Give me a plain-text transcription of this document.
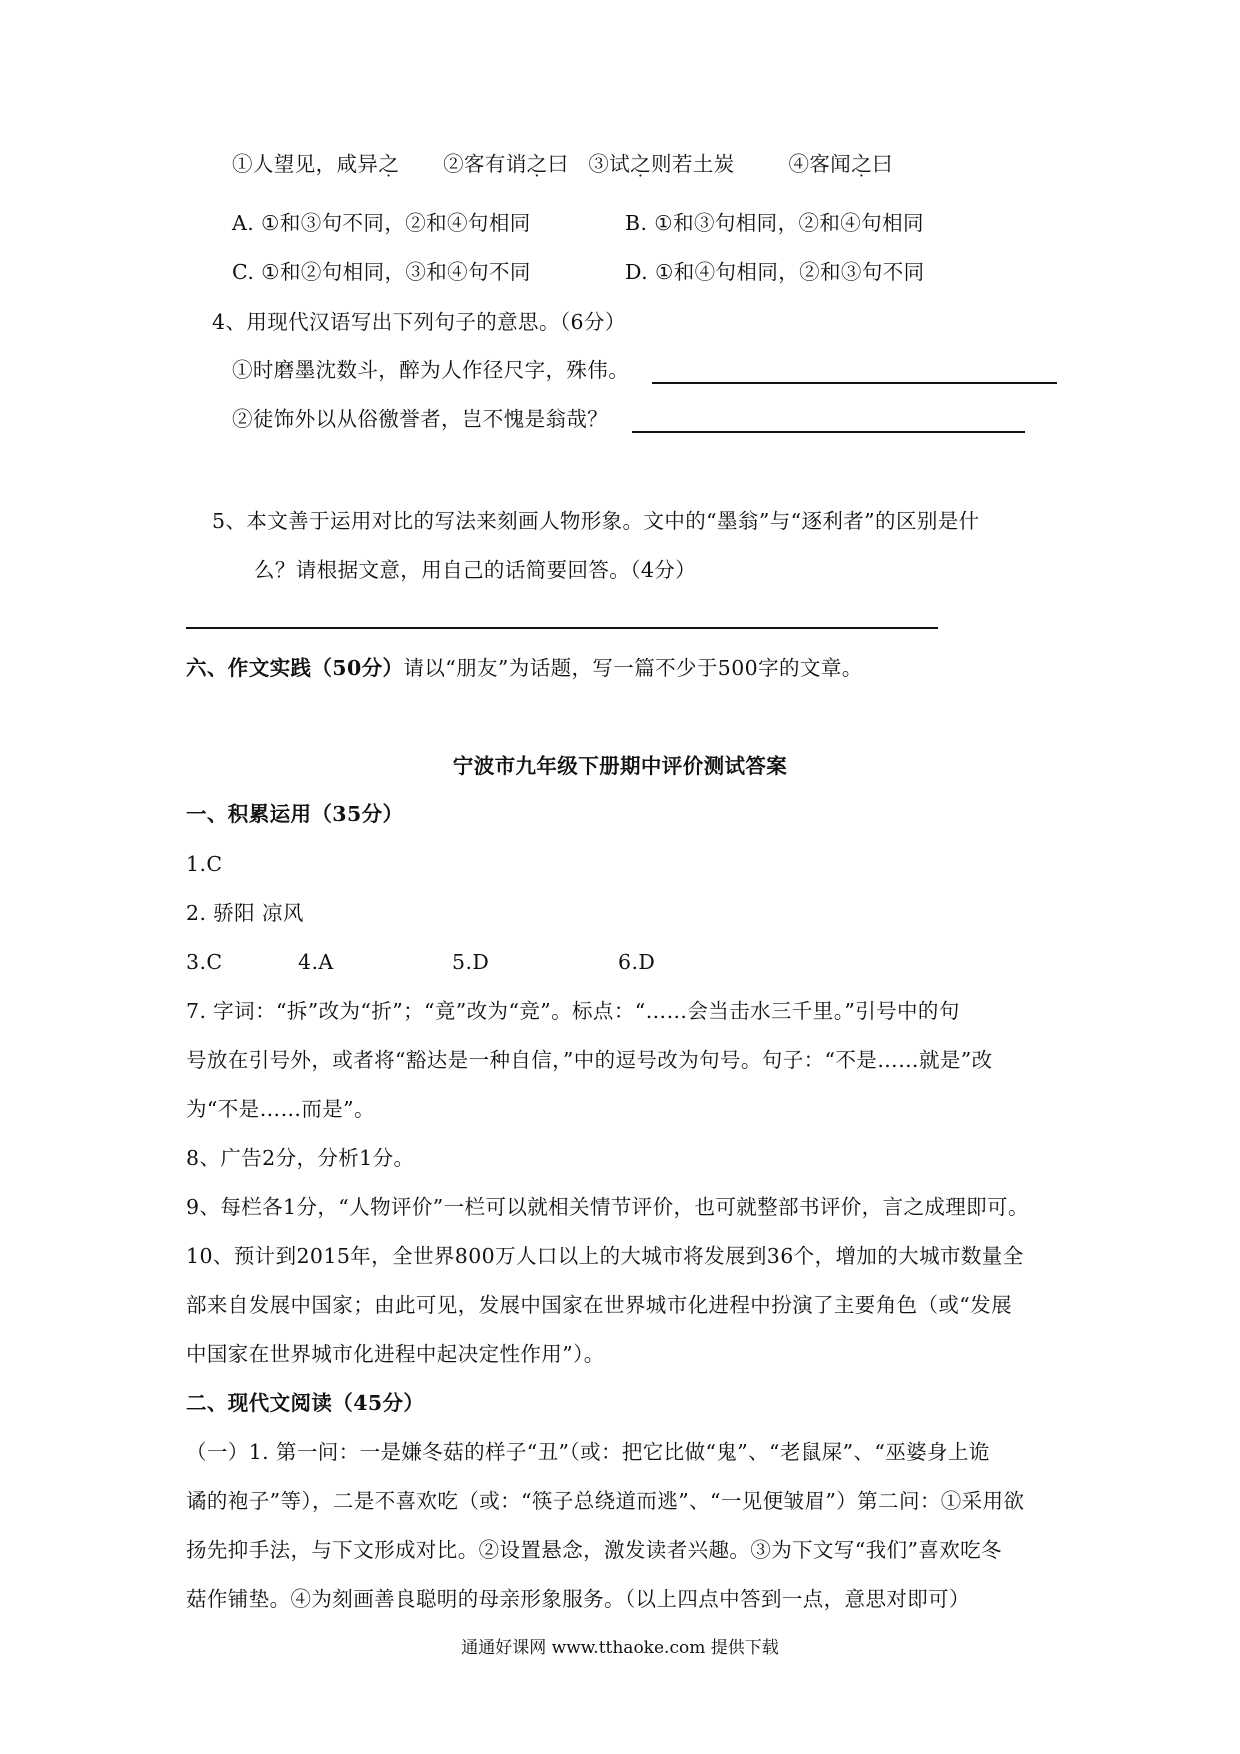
①人望见，咸异之 ②客有诮之曰 ③试之则若土炭	④客闻之曰
A. ①和③句不同，②和④句相同	B. ①和③句相同，②和④句相同
C. ①和②句相同，③和④句不同	D. ①和④句相同，②和③句不同
4、用现代汉语写出下列句子的意思。（6分）
①时磨墨沈数斗，醉为人作径尺字，殊伟。
②徒饰外以从俗徼誉者，岂不愧是翁哉？
5、本文善于运用对比的写法来刻画人物形象。文中的“墨翁”与“逐利者”的区别是什
么？请根据文意，用自己的话简要回答。（4分）
六、作文实践（50分）请以“朋友”为话题，写一篇不少于500字的文章。
宁波市九年级下册期中评价测试答案
一、积累运用（35分）
1.C
2. 骄阳 凉风
3.C	4.A	5.D	6.D
7. 字词：“拆”改为“折”；“竟”改为“竞”。标点：“……会当击水三千里。”引号中的句
号放在引号外，或者将“豁达是一种自信，”中的逗号改为句号。句子：“不是……就是”改
为“不是……而是”。
8、广告2分，分析1分。
9、每栏各1分，“人物评价”一栏可以就相关情节评价，也可就整部书评价，言之成理即可。
10、预计到2015年，全世界800万人口以上的大城市将发展到36个，增加的大城市数量全
部来自发展中国家；由此可见，发展中国家在世界城市化进程中扮演了主要角色（或“发展
中国家在世界城市化进程中起决定性作用”）。
二、现代文阅读（45分）
（一）1. 第一问：一是嫌冬菇的样子“丑”（或：把它比做“鬼”、“老鼠屎”、“巫婆身上诡
谲的袍子”等），二是不喜欢吃（或：“筷子总绕道而逃”、“一见便皱眉”）第二问：①采用欲
扬先抑手法，与下文形成对比。②设置悬念，激发读者兴趣。③为下文写“我们”喜欢吃冬
菇作铺垫。④为刻画善良聪明的母亲形象服务。（以上四点中答到一点，意思对即可）
通通好课网 www.tthaoke.com 提供下载
